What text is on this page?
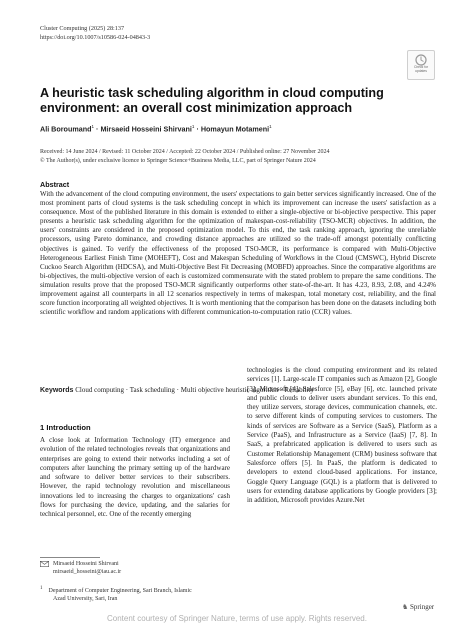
Cluster Computing (2025) 28:137
https://doi.org/10.1007/s10586-024-04843-3
Check for
updates
A heuristic task scheduling algorithm in cloud computing environment: an overall cost minimization approach
Ali Boroumand$^1$ · Mirsaeid Hosseini Shirvani$^1$ · Homayun Motameni$^1$
Received: 14 June 2024 / Revised: 11 October 2024 / Accepted: 22 October 2024 / Published online: 27 November 2024
© The Author(s), under exclusive licence to Springer Science+Business Media, LLC, part of Springer Nature 2024
Abstract
With the advancement of the cloud computing environment, the users' expectations to gain better services significantly increased. One of the most prominent parts of cloud systems is the task scheduling concept in which its improvement can increase the users' satisfaction as a consequence. Most of the published literature in this domain is extended to either a single-objective or bi-objective perspective. This paper presents a heuristic task scheduling algorithm for the optimization of makespan-cost-reliability (TSO-MCR) objectives. In addition, the users' constraints are considered in the proposed optimization model. To this end, the task ranking approach, ignoring the unreliable processors, using Pareto dominance, and crowding distance approaches are utilized so the trade-off amongst potentially conflicting objectives is gained. To verify the effectiveness of the proposed TSO-MCR, its performance is compared with Multi-Objective Heterogeneous Earliest Finish Time (MOHEFT), Cost and Makespan Scheduling of Workflows in the Cloud (CMSWC), Hybrid Discrete Cuckoo Search Algorithm (HDCSA), and Multi-Objective Best Fit Decreasing (MOBFD) approaches. Since the comparative algorithms are bi-objectives, the multi-objective version of each is customized commensurate with the stated problem to prepare the same conditions. The simulation results prove that the proposed TSO-MCR significantly outperforms other state-of-the-art. It has 4.23, 8.93, 2.08, and 4.24% improvement against all counterparts in all 12 scenarios respectively in terms of makespan, total monetary cost, reliability, and the final score function incorporating all weighted objectives. It is worth mentioning that the comparison has been done on the datasets including both scientific workflow and random applications with different communication-to-computation ratio (CCR) values.
Keywords Cloud computing · Task scheduling · Multi objective heuristic algorithm · Reliability
1 Introduction
A close look at Information Technology (IT) emergence and evolution of the related technologies reveals that organizations and enterprises are going to extend their networks including a set of computers after launching the primary setting up of the hardware and software to deliver better services to their subscribers. However, the rapid technology revolution and miscellaneous innovations led to increasing the charges to organizations' cash flows for purchasing the device, updating, and the salaries for technical personnel, etc. One of the recently emerging
technologies is the cloud computing environment and its related services [1]. Large-scale IT companies such as Amazon [2], Google [3], Microsoft [4], Salesforce [5], eBay [6], etc. launched private and public clouds to deliver users abundant services. To this end, they utilize servers, storage devices, communication channels, etc. to serve different kinds of computing services to customers. The kinds of services are Software as a Service (SaaS), Platform as a Service (PaaS), and Infrastructure as a Service (IaaS) [7, 8]. In SaaS, a prefabricated application is delivered to users such as Customer Relationship Management (CRM) business software that Salesforce offers [5]. In PaaS, the platform is dedicated to developers to extend cloud-based applications. For instance, Goggle Query Language (GQL) is a platform that is delivered to users for extending database applications by Google providers [3]; in addition, Microsoft provides Azure.Net
Mirsaeid Hosseini Shirvani
mirsaeid_hosseini@iau.ac.ir
$^1$ Department of Computer Engineering, Sari Branch, Islamic
Azad University, Sari, Iran
♞ Springer
Content courtesy of Springer Nature, terms of use apply. Rights reserved.
